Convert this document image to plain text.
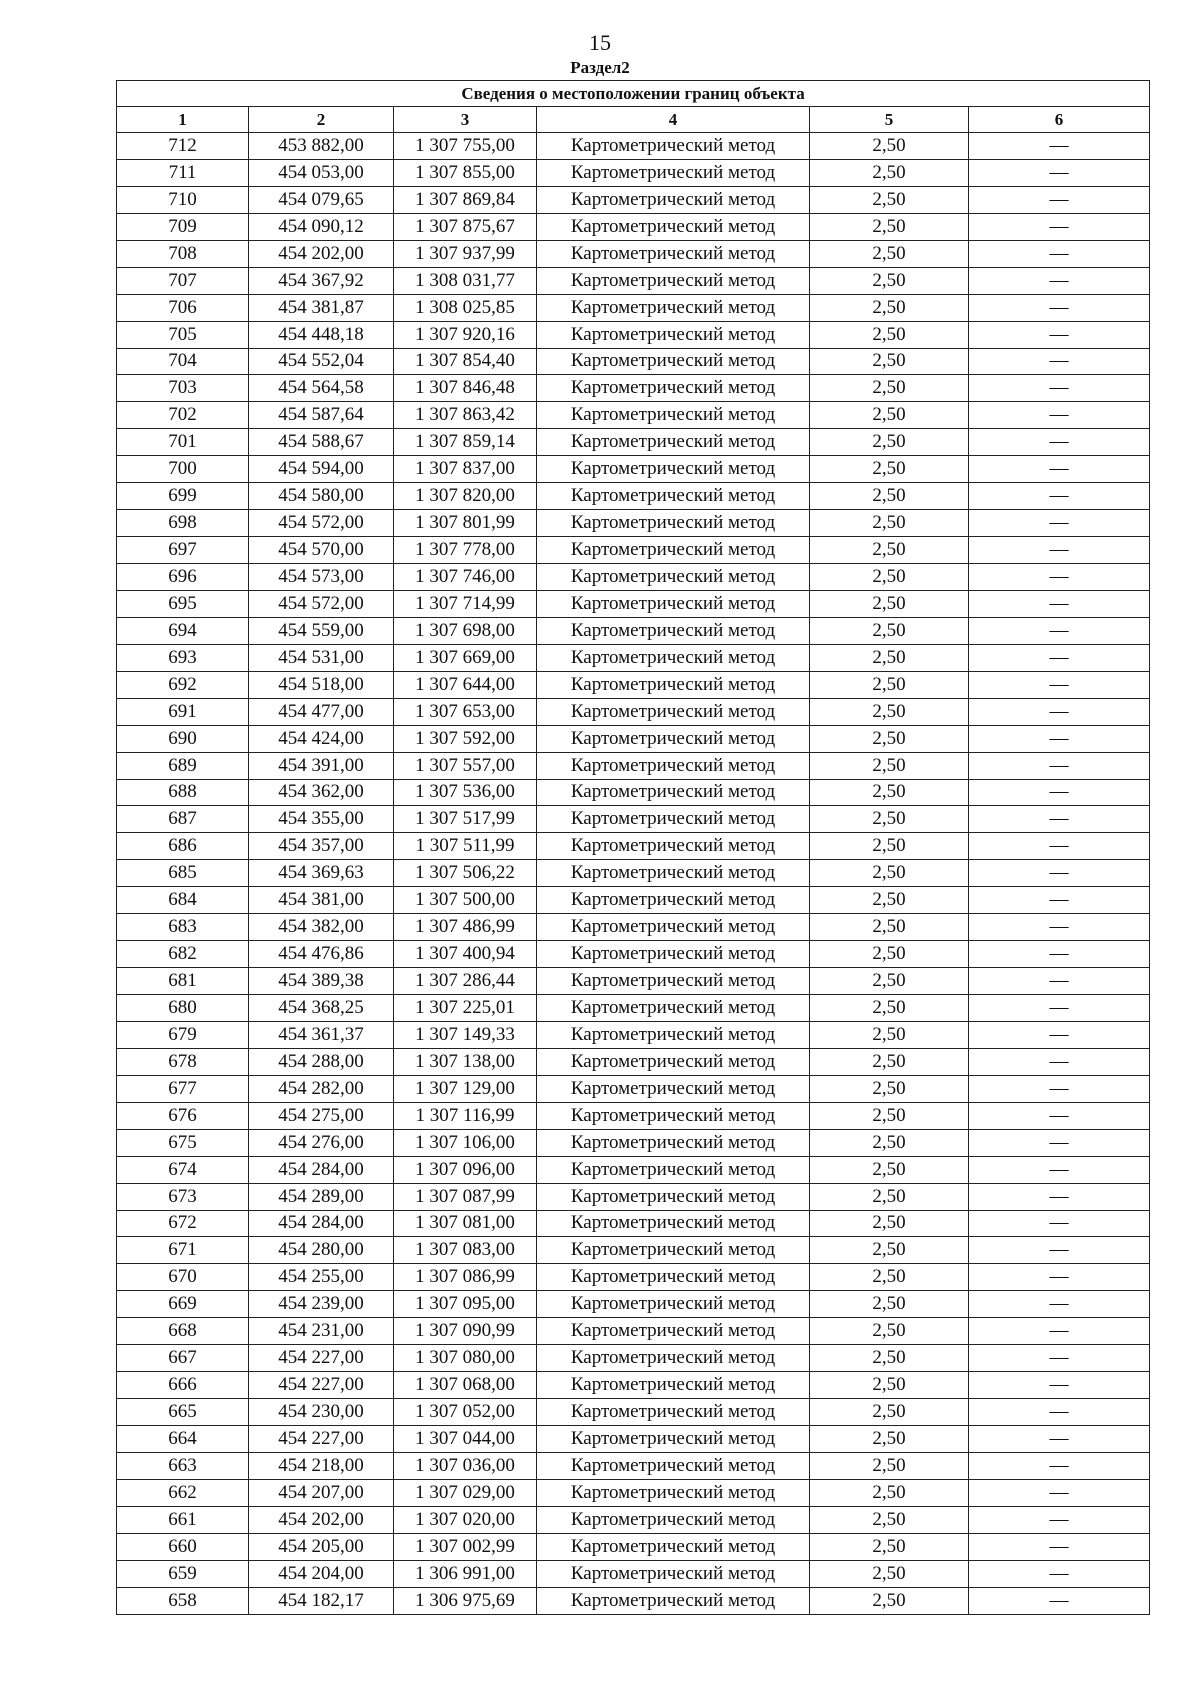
15
Раздел2
Сведения о местоположении границ объекта					
1	2	3	4	5	6
712	453 882,00	1 307 755,00	Картометрический метод	2,50	—
711	454 053,00	1 307 855,00	Картометрический метод	2,50	—
710	454 079,65	1 307 869,84	Картометрический метод	2,50	—
709	454 090,12	1 307 875,67	Картометрический метод	2,50	—
708	454 202,00	1 307 937,99	Картометрический метод	2,50	—
707	454 367,92	1 308 031,77	Картометрический метод	2,50	—
706	454 381,87	1 308 025,85	Картометрический метод	2,50	—
705	454 448,18	1 307 920,16	Картометрический метод	2,50	—
704	454 552,04	1 307 854,40	Картометрический метод	2,50	—
703	454 564,58	1 307 846,48	Картометрический метод	2,50	—
702	454 587,64	1 307 863,42	Картометрический метод	2,50	—
701	454 588,67	1 307 859,14	Картометрический метод	2,50	—
700	454 594,00	1 307 837,00	Картометрический метод	2,50	—
699	454 580,00	1 307 820,00	Картометрический метод	2,50	—
698	454 572,00	1 307 801,99	Картометрический метод	2,50	—
697	454 570,00	1 307 778,00	Картометрический метод	2,50	—
696	454 573,00	1 307 746,00	Картометрический метод	2,50	—
695	454 572,00	1 307 714,99	Картометрический метод	2,50	—
694	454 559,00	1 307 698,00	Картометрический метод	2,50	—
693	454 531,00	1 307 669,00	Картометрический метод	2,50	—
692	454 518,00	1 307 644,00	Картометрический метод	2,50	—
691	454 477,00	1 307 653,00	Картометрический метод	2,50	—
690	454 424,00	1 307 592,00	Картометрический метод	2,50	—
689	454 391,00	1 307 557,00	Картометрический метод	2,50	—
688	454 362,00	1 307 536,00	Картометрический метод	2,50	—
687	454 355,00	1 307 517,99	Картометрический метод	2,50	—
686	454 357,00	1 307 511,99	Картометрический метод	2,50	—
685	454 369,63	1 307 506,22	Картометрический метод	2,50	—
684	454 381,00	1 307 500,00	Картометрический метод	2,50	—
683	454 382,00	1 307 486,99	Картометрический метод	2,50	—
682	454 476,86	1 307 400,94	Картометрический метод	2,50	—
681	454 389,38	1 307 286,44	Картометрический метод	2,50	—
680	454 368,25	1 307 225,01	Картометрический метод	2,50	—
679	454 361,37	1 307 149,33	Картометрический метод	2,50	—
678	454 288,00	1 307 138,00	Картометрический метод	2,50	—
677	454 282,00	1 307 129,00	Картометрический метод	2,50	—
676	454 275,00	1 307 116,99	Картометрический метод	2,50	—
675	454 276,00	1 307 106,00	Картометрический метод	2,50	—
674	454 284,00	1 307 096,00	Картометрический метод	2,50	—
673	454 289,00	1 307 087,99	Картометрический метод	2,50	—
672	454 284,00	1 307 081,00	Картометрический метод	2,50	—
671	454 280,00	1 307 083,00	Картометрический метод	2,50	—
670	454 255,00	1 307 086,99	Картометрический метод	2,50	—
669	454 239,00	1 307 095,00	Картометрический метод	2,50	—
668	454 231,00	1 307 090,99	Картометрический метод	2,50	—
667	454 227,00	1 307 080,00	Картометрический метод	2,50	—
666	454 227,00	1 307 068,00	Картометрический метод	2,50	—
665	454 230,00	1 307 052,00	Картометрический метод	2,50	—
664	454 227,00	1 307 044,00	Картометрический метод	2,50	—
663	454 218,00	1 307 036,00	Картометрический метод	2,50	—
662	454 207,00	1 307 029,00	Картометрический метод	2,50	—
661	454 202,00	1 307 020,00	Картометрический метод	2,50	—
660	454 205,00	1 307 002,99	Картометрический метод	2,50	—
659	454 204,00	1 306 991,00	Картометрический метод	2,50	—
658	454 182,17	1 306 975,69	Картометрический метод	2,50	—
